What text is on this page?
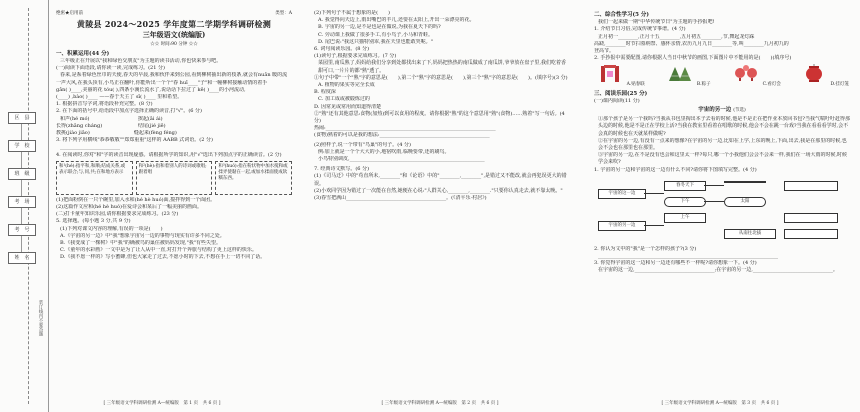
区　县
学　校
班　级
考　场
考　号
姓　名
装订线内不要答题
绝密★启用前	类型：A
黄陵县 2024～2025 学年度第二学期学科调研检测
三年级语文(统编版)
☆☆ 时间:90 分钟 ☆☆
一、积累运用(44 分)
三年级正在开展以"我和绿色交朋友"为主题的读书活动,你也快来参与吧。
(一)阅读下面语段,请你读一读,完成练习。(21 分)
春来,是系着绿色丝巾的天使,春天的早晨,我和伙伴来到公园,看到柳树抽出新的枝条,就会有nuǎn 暖的流
一声大风,在我头顶有,小鸟正在翻叶,你能听出一个个"春 huī____"子"和一幢柳树接触动情的着手
gǎn( )____,美丽的花 tóu( ),四条小溪长流水了,说话话下拉过了 kē( )____的小河流动,
(____) ,bào( )____ ——春于天主了 sī( )____ 里和希望。
1. 根据拼音写字词,将语段补充完整。(8 分)
2. 在下面的括号中,给语段中加点字选择正确的读音,打"√"。(6 分)
和声(hé mó)	挨起(āi ái)
长得(zhǎng cháng)	结尾(jié jiē)
教挑(jiào jiāo)	缝起来(fèng féng)
3. 将下列字用横线"恭恭敬敬""郑郑重重"这样的 AABB 式词语。(2 分)
________________________
4. 在阅读时,你对"和"字的读音出现疑惑。请根据所学的知识,用"√"选出下列加点字的正确读音。(2 分)
和¹(hé):指平和,和顺;结成关系,或表示联合;与,同,共;在和地方表示
和²(hè):指和着别人的诗词或歌唱;跟着唱
和³(huó):指在粉状物中加水搅和或揉弄使黏在一起,或加水揉面使成软糯东西。
(1)把面粉倒在一只个碗里,加入水和(hé hè huó)面,搅拌得到一个面团。
(2)这篇作文应和(hé hè huó)在爱诗会和某后了一幅美丽的画面。
(二)打卡童年知识乐园,请你根据要求完成练习。(23 分)
5. 选择题。(每小题 3 分,共 9 分)
(1)下列对课文内容的理解,有误的一项是(　　)
A.《宇宙的另一边》中"我"想象宇宙另一边的事物与现实有许多不同之处。
B.《我变成了一棵树》中"我"的确被鸟的巢住被妈妈发现,"我"有些失望。
C.《童年的水彩画》一文中是为了让人从中一直,对打开个奔旅与结构了更上这样的快乐。
D.《我不愿一样的》写小蜜蜂,但也大家走了过去,不愿小时的下去,不想在手上一切不同了话。
[ 三年级语文学科调研检测 A—统编版　第 1 页　共 6 页 ]
(2)下列句子不属于想象的是(　　)
A. 我觉得向天边上,雨出嘴巴的羊儿,还要在太阳上,开出一朵漂亮的花。
B. 宇宙的另一边,是不是也是在做说,为我在夏天下的吗?
C. 旁动课上我做了很多手工,有小鸟子,小马和青蛙。
D. 尾巴说:"我这只猫特别乖,我在天里也能敢哭呢。"
6. 词句阅读乐园。(8 分)
(1)读句子,根据要求完成练习。(7 分)
菜园里,南瓜熟了,妈妈给我们分享到处都找出来了下,妈妈把热热的南瓜做成了南瓜饼,爷爷放在盘子里,我们吃着香甜可口,一片片的都"熟"透了。
①句子中带"一个"熟"字的意思是(　　),第二个"熟"字的意思是(　　),第三个"熟"字的意思是(　　)。(填序号)(3 分)
A. 植物的果实等完全长成
B. 程度深
C. 加工成或被锻炼过的
D. 因常见或常用而知道得清楚
②"熟"还有其他意思:食物(加热)到可以食用的程度。请你根据"熟"的这个意思用"熟"(食物)……熟着"写一句话。(4 分)
热闹:____________________________________________________________________
(食物)熟着的可以是我的想法:____________________________________________
(2)照样子,说一个带有"鸟巢"的句子。(4 分)
例:加上就是一个个大大的小,地宿吹雨,临晚要带,还的刷鸟。
小鸟特别调皮,______________________________________________________
7. 经典诗文默写。(6 分)
(1)《司马迁》中的"苟直所未,________"和《论语》中的"________,________",是错过又不能改,就会再犯误更大的错误。
(2)小欢同学因为错过了一次能在自然,她便在心说:"人群关心,________,________."只要你认真走去,就不靠太晚。"
(3)春雪把满山________________________________________。(《清平乐·村居》)
[ 三年级语文学科调研检测 A—统编版　第 2 页　共 6 页 ]
二、综合性学习(5 分)
我们一起来做一期"中华传统节日"为主题的手抄报吧!
1. 介绍节日习俗,完成传统节事谱。(4 分)
正月初一________,正月十五________,五月初五________,节,舞起龙灯踩
高跷,________时节扫墓纳祭、感怀亲情,农历九月九日________等,叫________九月初九的
登高节。
2. 手抄报中需要配图,请你根据人当日中秋节的画图,下面图片中不能用的是(　　)(填序号)
A.贴春联	B.粽子	C.看灯会	D.挂灯笼
三、阅读乐园(25 分)
(一)课内阅读(11 分)
宇宙的另一边 (节选)
①那个孩子是另一个我吗?当我从书包里掏出本子去看的时候,他是不是正在把作业本放回书包?当我气喘吁吁赶得那头边的时候,他是不是正在学校上活?当我在教室里看着在唱歌的时候,他会不会在跳一台戏?当我在看看看学时,会不会真的时候也在天就某样做呢?
②在宇宙的另一边,有没有一点来的想像?在宇宙的另一边,比如在上学,上东的晚上,下面,出去,我是在那里的时候,也会不会也在那里也在那里。
③宇宙的另一边,在不是没有也会和这里太一样?每只,哪一个小我他们会会不会来一样,我们在一场大雨的时候,时候学会来吹?
1. 宇宙的另一边和宇宙的这一边有什么不同?请你将下图填写完整。(4 分)
宇宙的这一边
宇宙的另一边
春冬天下
下午	太阳
上午
从南往北拔
2. 你认为文中的"我"是一个怎样的孩子?(3 分)
________________________________________________________________________
3. 你觉得宇宙的这一边和另一边还有哪些不一样呢?请你想象一下。(4 分)
在宇宙的这一边,________________________________;在宇宙的另一边,________________________________。
[ 三年级语文学科调研检测 A—统编版　第 3 页　共 6 页 ]
